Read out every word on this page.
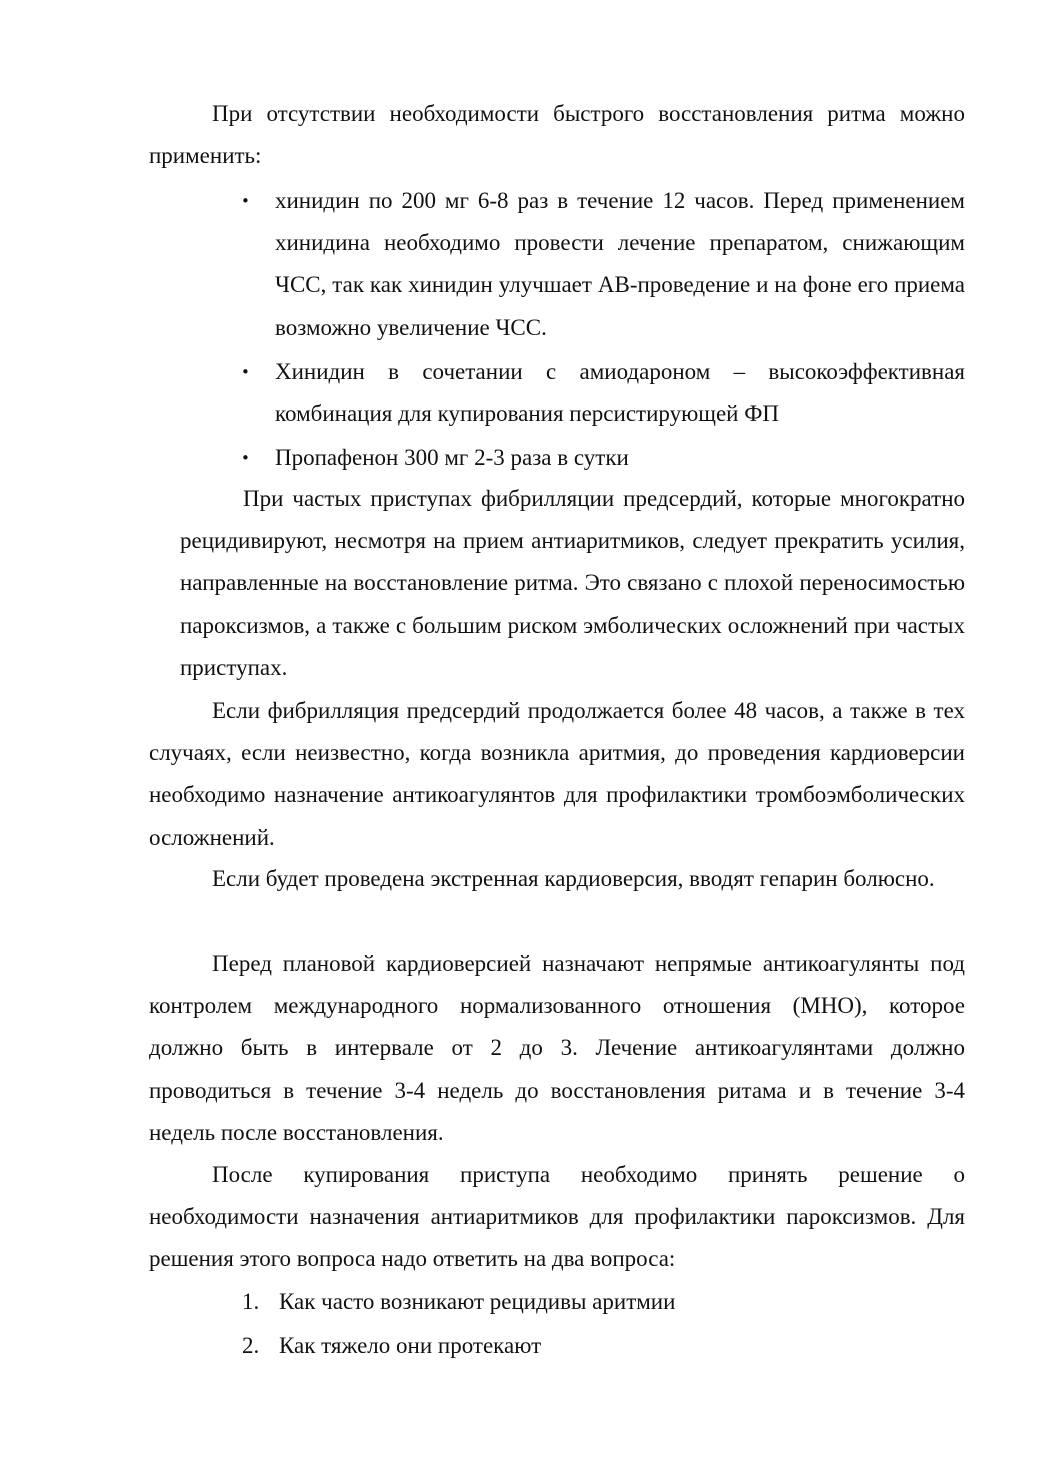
При отсутствии необходимости быстрого восстановления ритма можно применить:

• хинидин по 200 мг 6-8 раз в течение 12 часов. Перед применением хинидина необходимо провести лечение препаратом, снижающим ЧСС, так как хинидин улучшает АВ-проведение и на фоне его приема возможно увеличение ЧСС.
• Хинидин в сочетании с амиодароном – высокоэффективная комбинация для купирования персистирующей ФП
• Пропафенон 300 мг 2-3 раза в сутки

При частых приступах фибрилляции предсердий, которые многократно рецидивируют, несмотря на прием антиаритмиков, следует прекратить усилия, направленные на восстановление ритма. Это связано с плохой переносимостью пароксизмов, а также с большим риском эмболических осложнений при частых приступах.

Если фибрилляция предсердий продолжается более 48 часов, а также в тех случаях, если неизвестно, когда возникла аритмия, до проведения кардиоверсии необходимо назначение антикоагулянтов для профилактики тромбоэмболических осложнений.

Если будет проведена экстренная кардиоверсия, вводят гепарин болюсно.

Перед плановой кардиоверсией назначают непрямые антикоагулянты под контролем международного нормализованного отношения (МНО), которое должно быть в интервале от 2 до 3. Лечение антикоагулянтами должно проводиться в течение 3-4 недель до восстановления ритама и в течение 3-4 недель после восстановления.

После купирования приступа необходимо принять решение о необходимости назначения антиаритмиков для профилактики пароксизмов. Для решения этого вопроса надо ответить на два вопроса:

1. Как часто возникают рецидивы аритмии
2. Как тяжело они протекают
